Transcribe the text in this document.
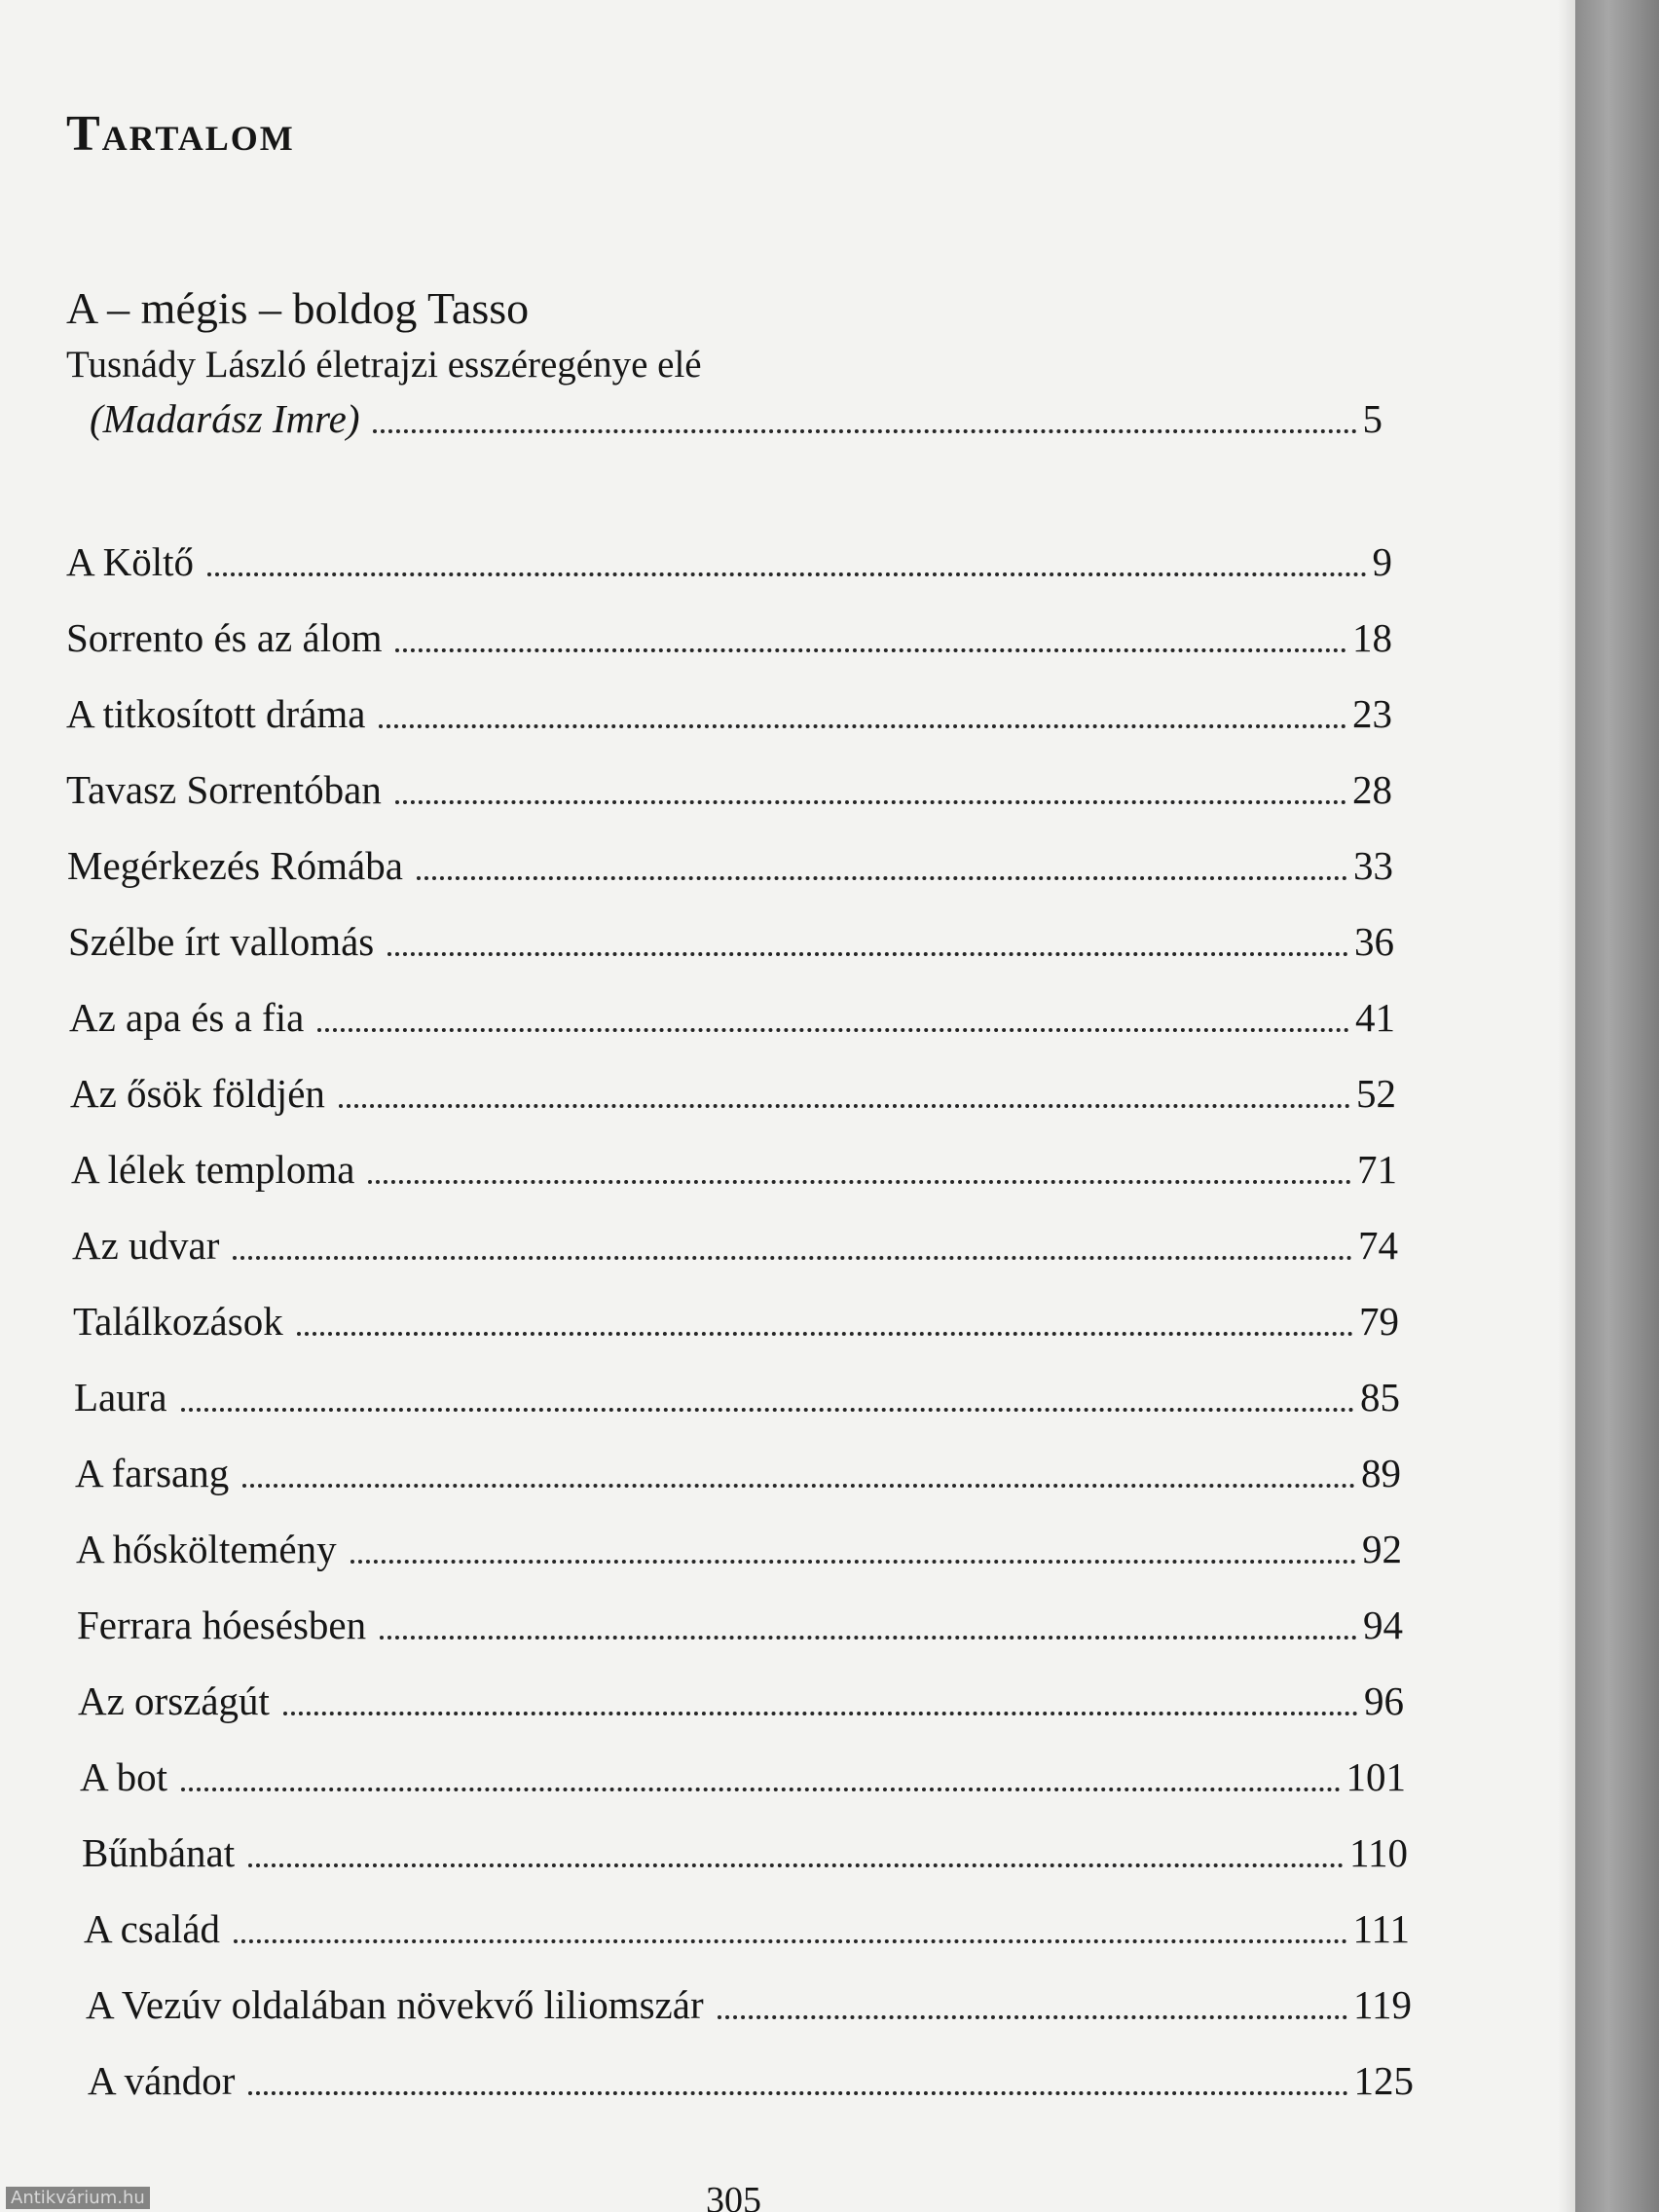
Tartalom
A – mégis – boldog Tasso
Tusnády László életrajzi esszéregénye elé
(Madarász Imre)	5
A Költő	9
Sorrento és az álom	18
A titkosított dráma	23
Tavasz Sorrentóban	28
Megérkezés Rómába	33
Szélbe írt vallomás	36
Az apa és a fia	41
Az ősök földjén	52
A lélek temploma	71
Az udvar	74
Találkozások	79
Laura	85
A farsang	89
A hősköltemény	92
Ferrara hóesésben	94
Az országút	96
A bot	101
Bűnbánat	110
A család	111
A Vezúv oldalában növekvő liliomszár	119
A vándor	125
305
Antikvárium.hu
